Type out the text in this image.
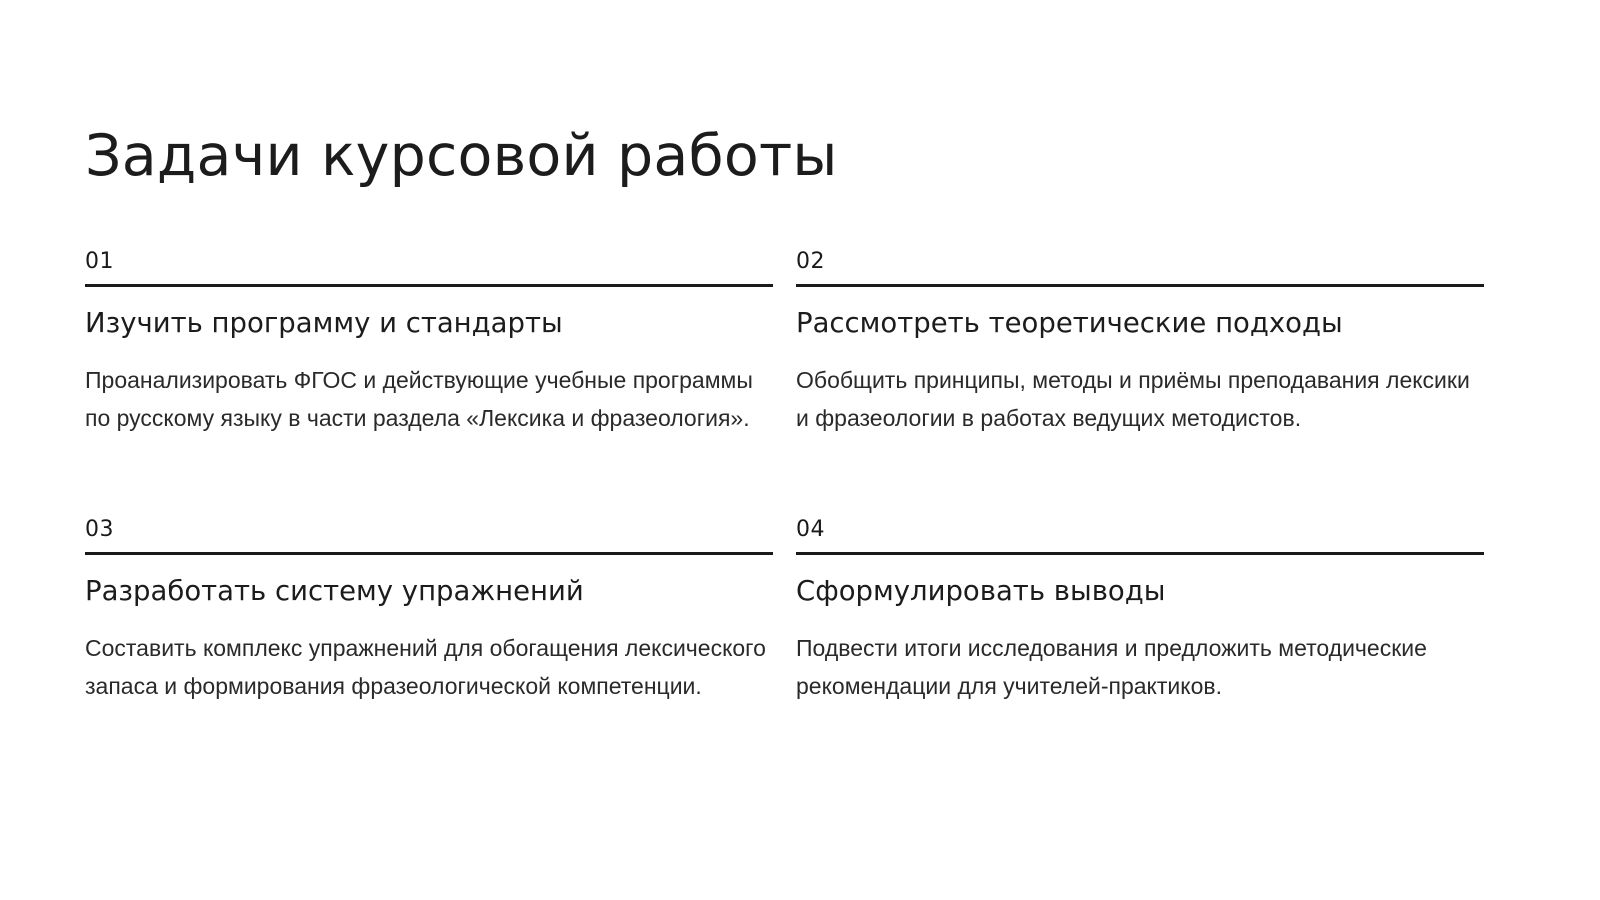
Задачи курсовой работы
01
Изучить программу и стандарты

Проанализировать ФГОС и действующие учебные программы по русскому языку в части раздела «Лексика и фразеология».

02
Рассмотреть теоретические подходы

Обобщить принципы, методы и приёмы преподавания лексики и фразеологии в работах ведущих методистов.

03
Разработать систему упражнений

Составить комплекс упражнений для обогащения лексического запаса и формирования фразеологической компетенции.

04
Сформулировать выводы

Подвести итоги исследования и предложить методические рекомендации для учителей-практиков.
